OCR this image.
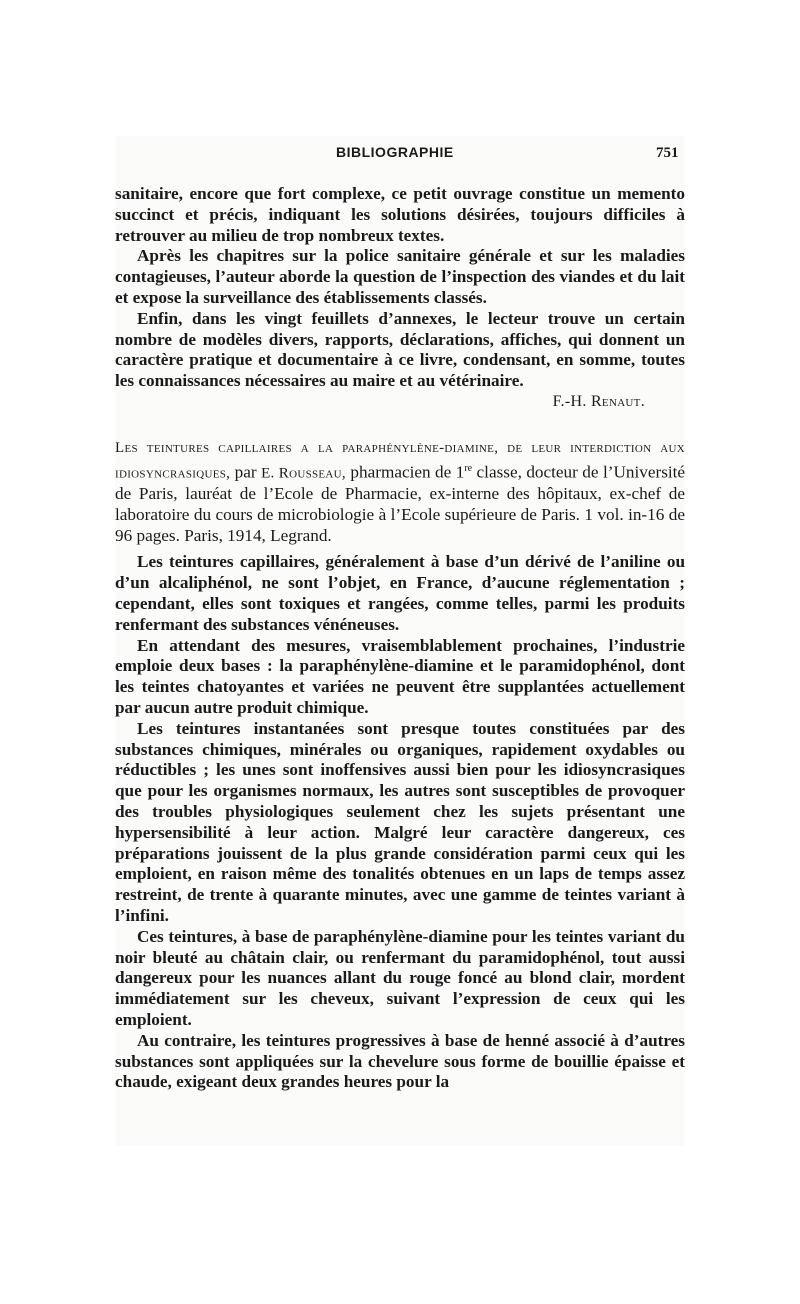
BIBLIOGRAPHIE	751

sanitaire, encore que fort complexe, ce petit ouvrage constitue un memento succinct et précis, indiquant les solutions désirées, toujours difficiles à retrouver au milieu de trop nombreux textes.

Après les chapitres sur la police sanitaire générale et sur les maladies contagieuses, l’auteur aborde la question de l’inspection des viandes et du lait et expose la surveillance des établissements classés.

Enfin, dans les vingt feuillets d’annexes, le lecteur trouve un certain nombre de modèles divers, rapports, déclarations, affiches, qui donnent un caractère pratique et documentaire à ce livre, condensant, en somme, toutes les connaissances nécessaires au maire et au vétérinaire.

F.-H. Renaut.

Les teintures capillaires a la paraphénylène-diamine, de leur interdiction aux idiosyncrasiques, par E. Rousseau, pharmacien de 1re classe, docteur de l’Université de Paris, lauréat de l’Ecole de Pharmacie, ex-interne des hôpitaux, ex-chef de laboratoire du cours de microbiologie à l’Ecole supérieure de Paris. 1 vol. in-16 de 96 pages. Paris, 1914, Legrand.

Les teintures capillaires, généralement à base d’un dérivé de l’aniline ou d’un alcaliphénol, ne sont l’objet, en France, d’aucune réglementation ; cependant, elles sont toxiques et rangées, comme telles, parmi les produits renfermant des substances vénéneuses.

En attendant des mesures, vraisemblablement prochaines, l’industrie emploie deux bases : la paraphénylène-diamine et le paramidophénol, dont les teintes chatoyantes et variées ne peuvent être supplantées actuellement par aucun autre produit chimique.

Les teintures instantanées sont presque toutes constituées par des substances chimiques, minérales ou organiques, rapidement oxydables ou réductibles ; les unes sont inoffensives aussi bien pour les idiosyncrasiques que pour les organismes normaux, les autres sont susceptibles de provoquer des troubles physiologiques seulement chez les sujets présentant une hypersensibilité à leur action. Malgré leur caractère dangereux, ces préparations jouissent de la plus grande considération parmi ceux qui les emploient, en raison même des tonalités obtenues en un laps de temps assez restreint, de trente à quarante minutes, avec une gamme de teintes variant à l’infini.

Ces teintures, à base de paraphénylène-diamine pour les teintes variant du noir bleuté au châtain clair, ou renfermant du paramidophénol, tout aussi dangereux pour les nuances allant du rouge foncé au blond clair, mordent immédiatement sur les cheveux, suivant l’expression de ceux qui les emploient.

Au contraire, les teintures progressives à base de henné associé à d’autres substances sont appliquées sur la chevelure sous forme de bouillie épaisse et chaude, exigeant deux grandes heures pour la
